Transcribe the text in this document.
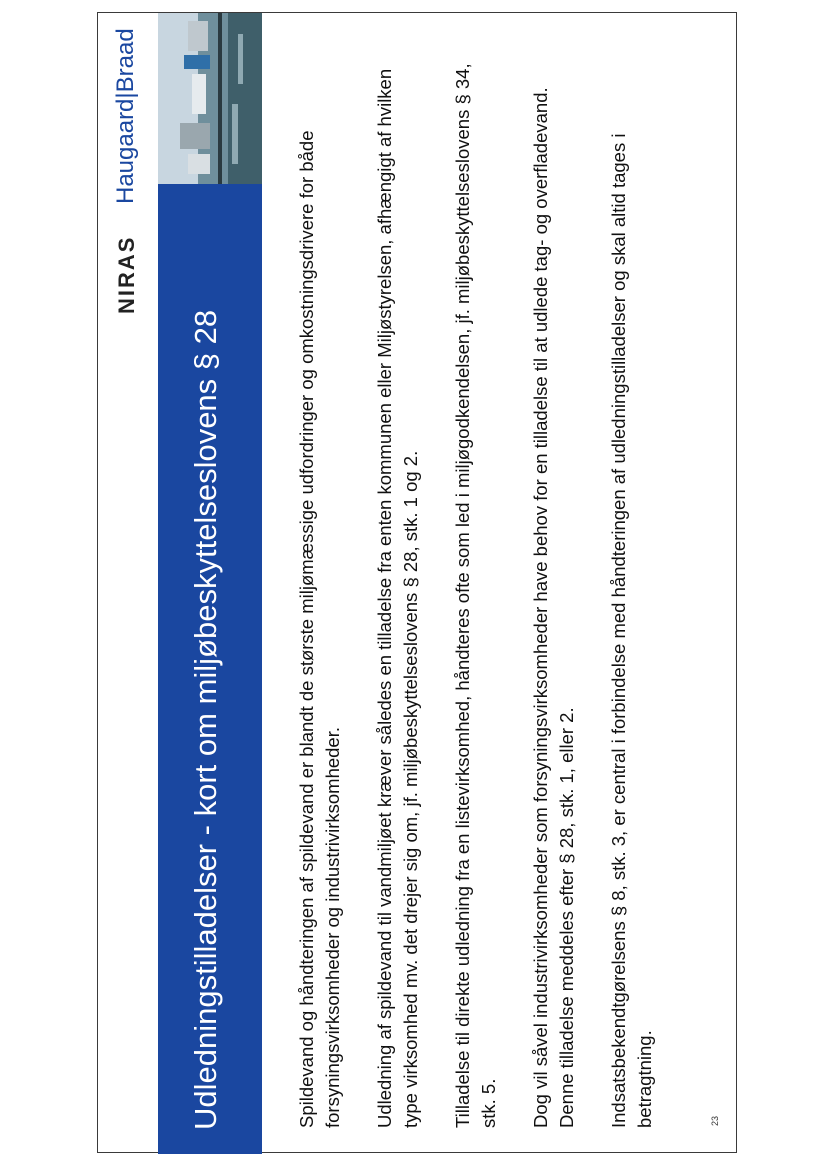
NIRAS
Haugaard|Braad
Udledningstilladelser - kort om miljøbeskyttelseslovens § 28	Spildevand og håndteringen af spildevand er blandt de største miljømæssige udfordringer og omkostningsdrivere for både forsyningsvirksomheder og industrivirksomheder. Udledning af spildevand til vandmiljøet kræver således en tilladelse fra enten kommunen eller Miljøstyrelsen, afhængigt af hvilken type virksomhed mv. det drejer sig om, jf. miljøbeskyttelseslovens § 28, stk. 1 og 2. Tilladelse til direkte udledning fra en listevirksomhed, håndteres ofte som led i miljøgodkendelsen, jf. miljøbeskyttelseslovens § 34, stk. 5. Dog vil såvel industrivirksomheder som forsyningsvirksomheder have behov for en tilladelse til at udlede tag- og overfladevand. Denne tilladelse meddeles efter § 28, stk. 1, eller 2. Indsatsbekendtgørelsens § 8, stk. 3, er central i forbindelse med håndteringen af udledningstilladelser og skal altid tages i betragtning.	23
